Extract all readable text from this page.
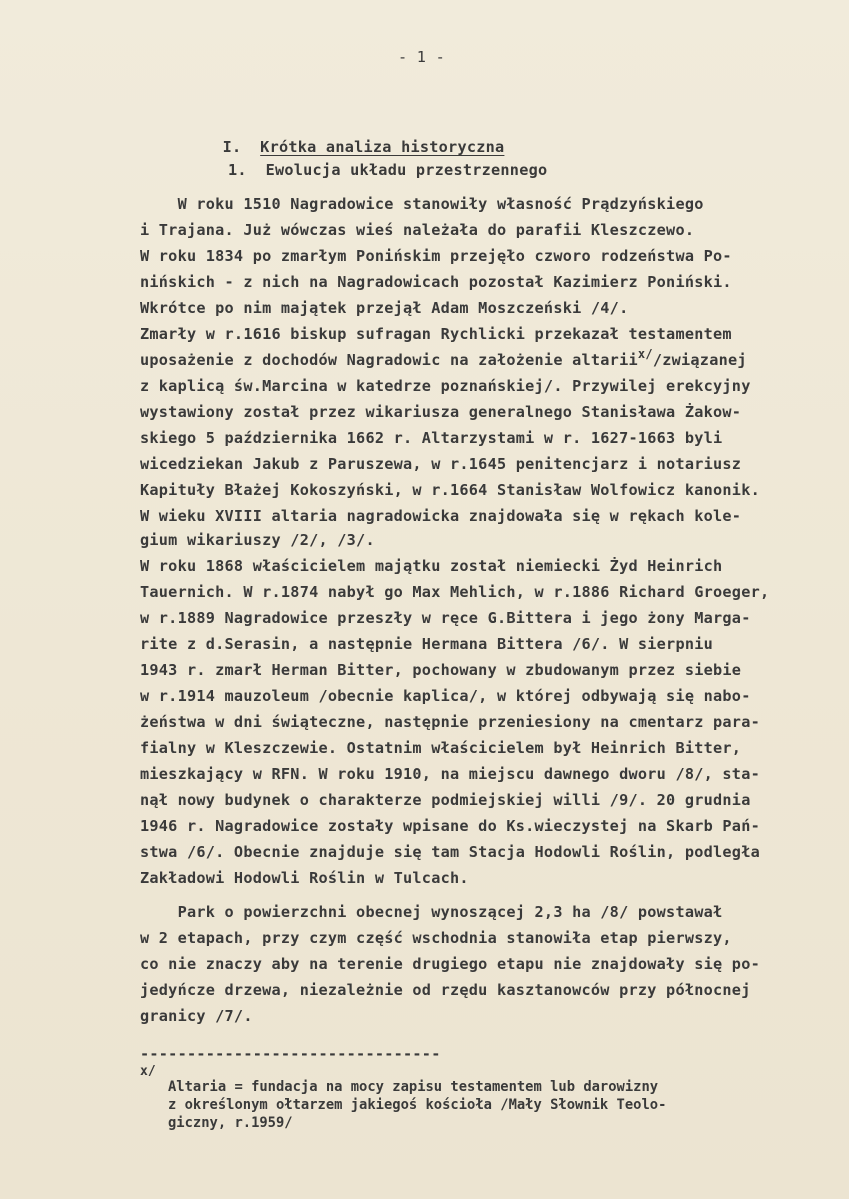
- 1 -

I. Krótka analiza historyczna

1.  Ewolucja układu przestrzennego
W roku 1510 Nagradowice stanowiły własność Prądzyńskiego
i Trajana. Już wówczas wieś należała do parafii Kleszczewo.
W roku 1834 po zmarłym Ponińskim przejęło czworo rodzeństwa Po-
nińskich - z nich na Nagradowicach pozostał Kazimierz Poniński.
Wkrótce po nim majątek przejął Adam Moszczeński /4/.
Zmarły w r.1616 biskup sufragan Rychlicki przekazał testamentem
uposażenie z dochodów Nagradowic na założenie altarii$^{x/}$/związanej
z kaplicą św.Marcina w katedrze poznańskiej/. Przywilej erekcyjny
wystawiony został przez wikariusza generalnego Stanisława Żakow-
skiego 5 października 1662 r. Altarzystami w r. 1627-1663 byli
wicedziekan Jakub z Paruszewa, w r.1645 penitencjarz i notariusz
Kapituły Błażej Kokoszyński, w r.1664 Stanisław Wolfowicz kanonik.
W wieku XVIII altaria nagradowicka znajdowała się w rękach kole-
gium wikariuszy /2/, /3/.
W roku 1868 właścicielem majątku został niemiecki Żyd Heinrich
Tauernich. W r.1874 nabył go Max Mehlich, w r.1886 Richard Groeger,
w r.1889 Nagradowice przeszły w ręce G.Bittera i jego żony Marga-
rite z d.Serasin, a następnie Hermana Bittera /6/. W sierpniu
1943 r. zmarł Herman Bitter, pochowany w zbudowanym przez siebie
w r.1914 mauzoleum /obecnie kaplica/, w której odbywają się nabo-
żeństwa w dni świąteczne, następnie przeniesiony na cmentarz para-
fialny w Kleszczewie. Ostatnim właścicielem był Heinrich Bitter,
mieszkający w RFN. W roku 1910, na miejscu dawnego dworu /8/, sta-
nął nowy budynek o charakterze podmiejskiej willi /9/. 20 grudnia
1946 r. Nagradowice zostały wpisane do Ks.wieczystej na Skarb Pań-
stwa /6/. Obecnie znajduje się tam Stacja Hodowli Roślin, podległa
Zakładowi Hodowli Roślin w Tulcach.
Park o powierzchni obecnej wynoszącej 2,3 ha /8/ powstawał
w 2 etapach, przy czym część wschodnia stanowiła etap pierwszy,
co nie znaczy aby na terenie drugiego etapu nie znajdowały się po-
jedyńcze drzewa, niezależnie od rzędu kasztanowców przy północnej
granicy /7/.
--------------------------------
x/
Altaria = fundacja na mocy zapisu testamentem lub darowizny
z określonym ołtarzem jakiegoś kościoła /Mały Słownik Teolo-
giczny, r.1959/
